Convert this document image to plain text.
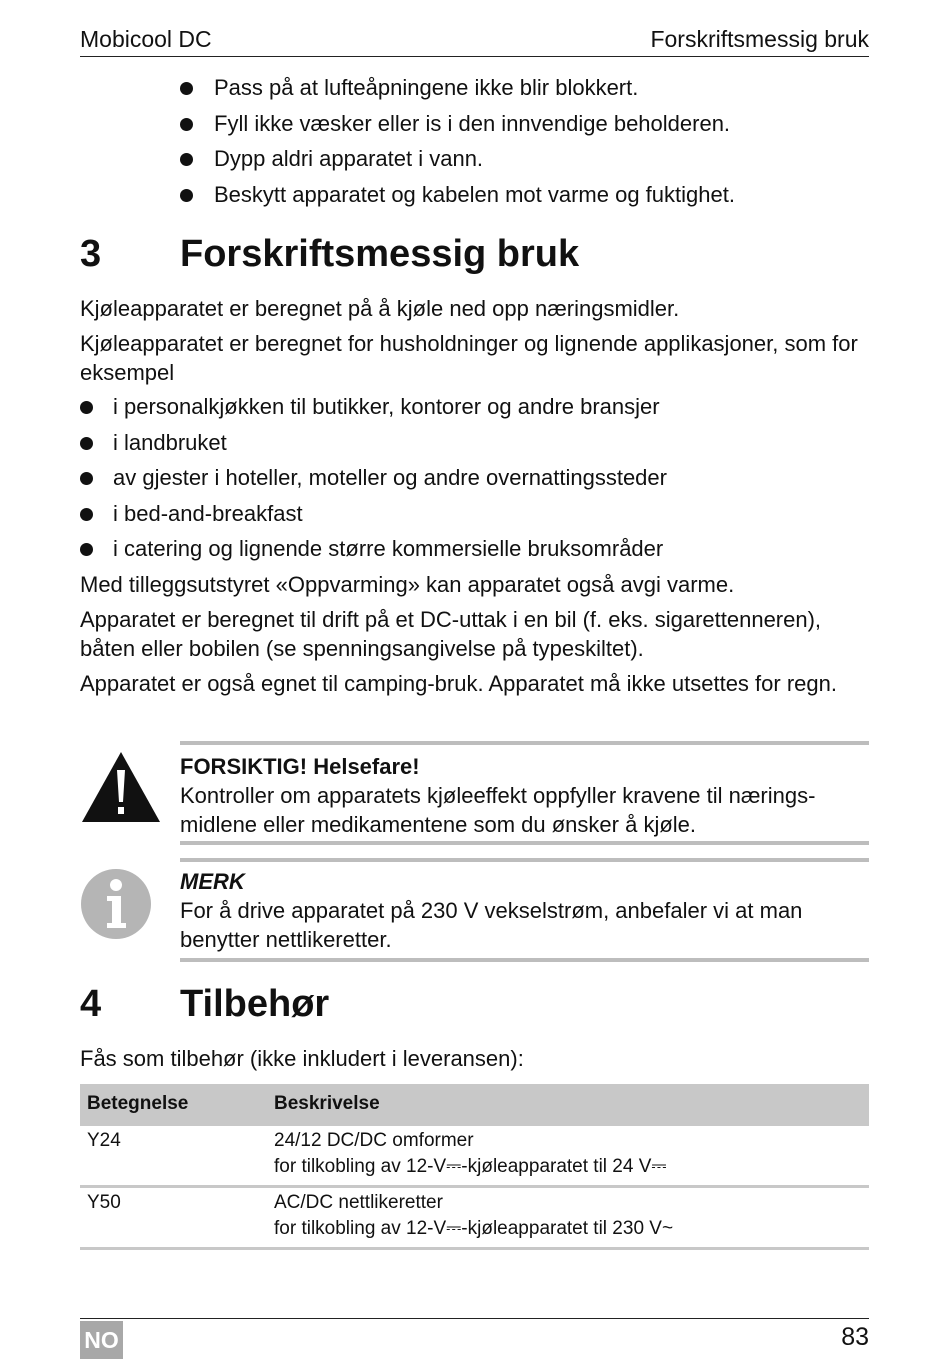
Mobicool DC	Forskriftsmessig bruk
Pass på at lufteåpningene ikke blir blokkert.
Fyll ikke væsker eller is i den innvendige beholderen.
Dypp aldri apparatet i vann.
Beskytt apparatet og kabelen mot varme og fuktighet.
3 Forskriftsmessig bruk
Kjøleapparatet er beregnet på å kjøle ned opp næringsmidler.
Kjøleapparatet er beregnet for husholdninger og lignende applikasjoner, som for eksempel
i personalkjøkken til butikker, kontorer og andre bransjer
i landbruket
av gjester i hoteller, moteller og andre overnattingssteder
i bed-and-breakfast
i catering og lignende større kommersielle bruksområder
Med tilleggsutstyret «Oppvarming» kan apparatet også avgi varme.
Apparatet er beregnet til drift på et DC-uttak i en bil (f. eks. sigarettenneren), båten eller bobilen (se spenningsangivelse på typeskiltet).
Apparatet er også egnet til camping-bruk. Apparatet må ikke utsettes for regn.
FORSIKTIG! Helsefare!
Kontroller om apparatets kjøleeffekt oppfyller kravene til nærings-midlene eller medikamentene som du ønsker å kjøle.
MERK
For å drive apparatet på 230 V vekselstrøm, anbefaler vi at man benytter nettlikeretter.
4 Tilbehør
Fås som tilbehør (ikke inkludert i leveransen):
Betegnelse	Beskrivelse
Y24	24/12 DC/DC omformer
for tilkobling av 12-V⎓-kjøleapparatet til 24 V⎓
Y50	AC/DC nettlikeretter
for tilkobling av 12-V⎓-kjøleapparatet til 230 V~
NO	83
